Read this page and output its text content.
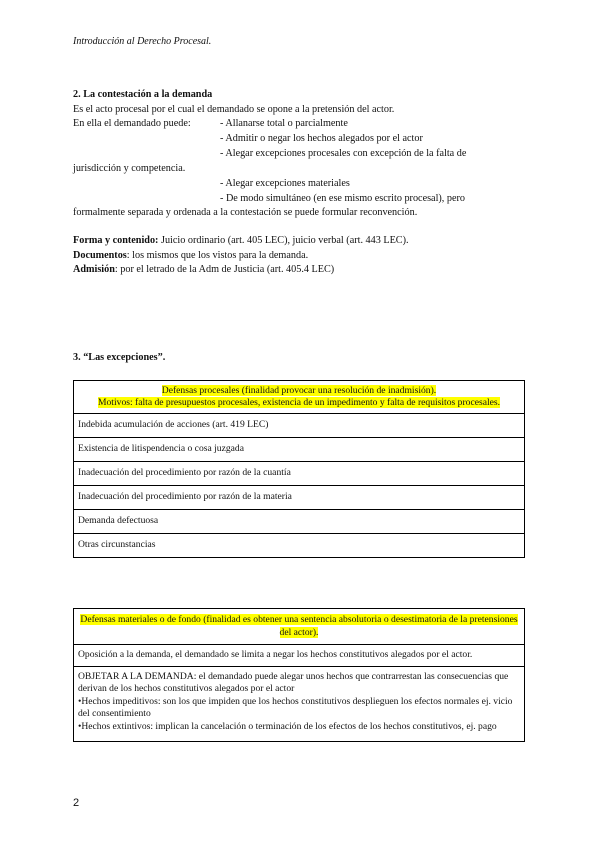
Introducción al Derecho Procesal.
2. La contestación a la demanda
Es el acto procesal por el cual el demandado se opone a la pretensión del actor.
En ella el demandado puede:	- Allanarse total o parcialmente
- Admitir o negar los hechos alegados por el actor
- Alegar excepciones procesales con excepción de la falta de
jurisdicción y competencia.
- Alegar excepciones materiales
- De modo simultáneo (en ese mismo escrito procesal), pero
formalmente separada y ordenada a la contestación se puede formular reconvención.
Forma y contenido: Juicio ordinario (art. 405 LEC), juicio verbal (art. 443 LEC).
Documentos: los mismos que los vistos para la demanda.
Admisión: por el letrado de la Adm de Justicia (art. 405.4 LEC)
3. “Las excepciones”.
Defensas procesales (finalidad provocar una resolución de inadmisión).
Motivos: falta de presupuestos procesales, existencia de un impedimento y falta de requisitos procesales.
Indebida acumulación de acciones (art. 419 LEC)
Existencia de litispendencia o cosa juzgada
Inadecuación del procedimiento por razón de la cuantía
Inadecuación del procedimiento por razón de la materia
Demanda defectuosa
Otras circunstancias
Defensas materiales o de fondo (finalidad es obtener una sentencia absolutoria o desestimatoria de la pretensiones del actor).
Oposición a la demanda, el demandado se limita a negar los hechos constitutivos alegados por el actor.

OBJETAR A LA DEMANDA: el demandado puede alegar unos hechos que contrarrestan las consecuencias que derivan de los hechos constitutivos alegados por el actor
•Hechos impeditivos: son los que impiden que los hechos constitutivos desplieguen los efectos normales ej. vicio del consentimiento
•Hechos extintivos: implican la cancelación o terminación de los efectos de los hechos constitutivos, ej. pago
2
